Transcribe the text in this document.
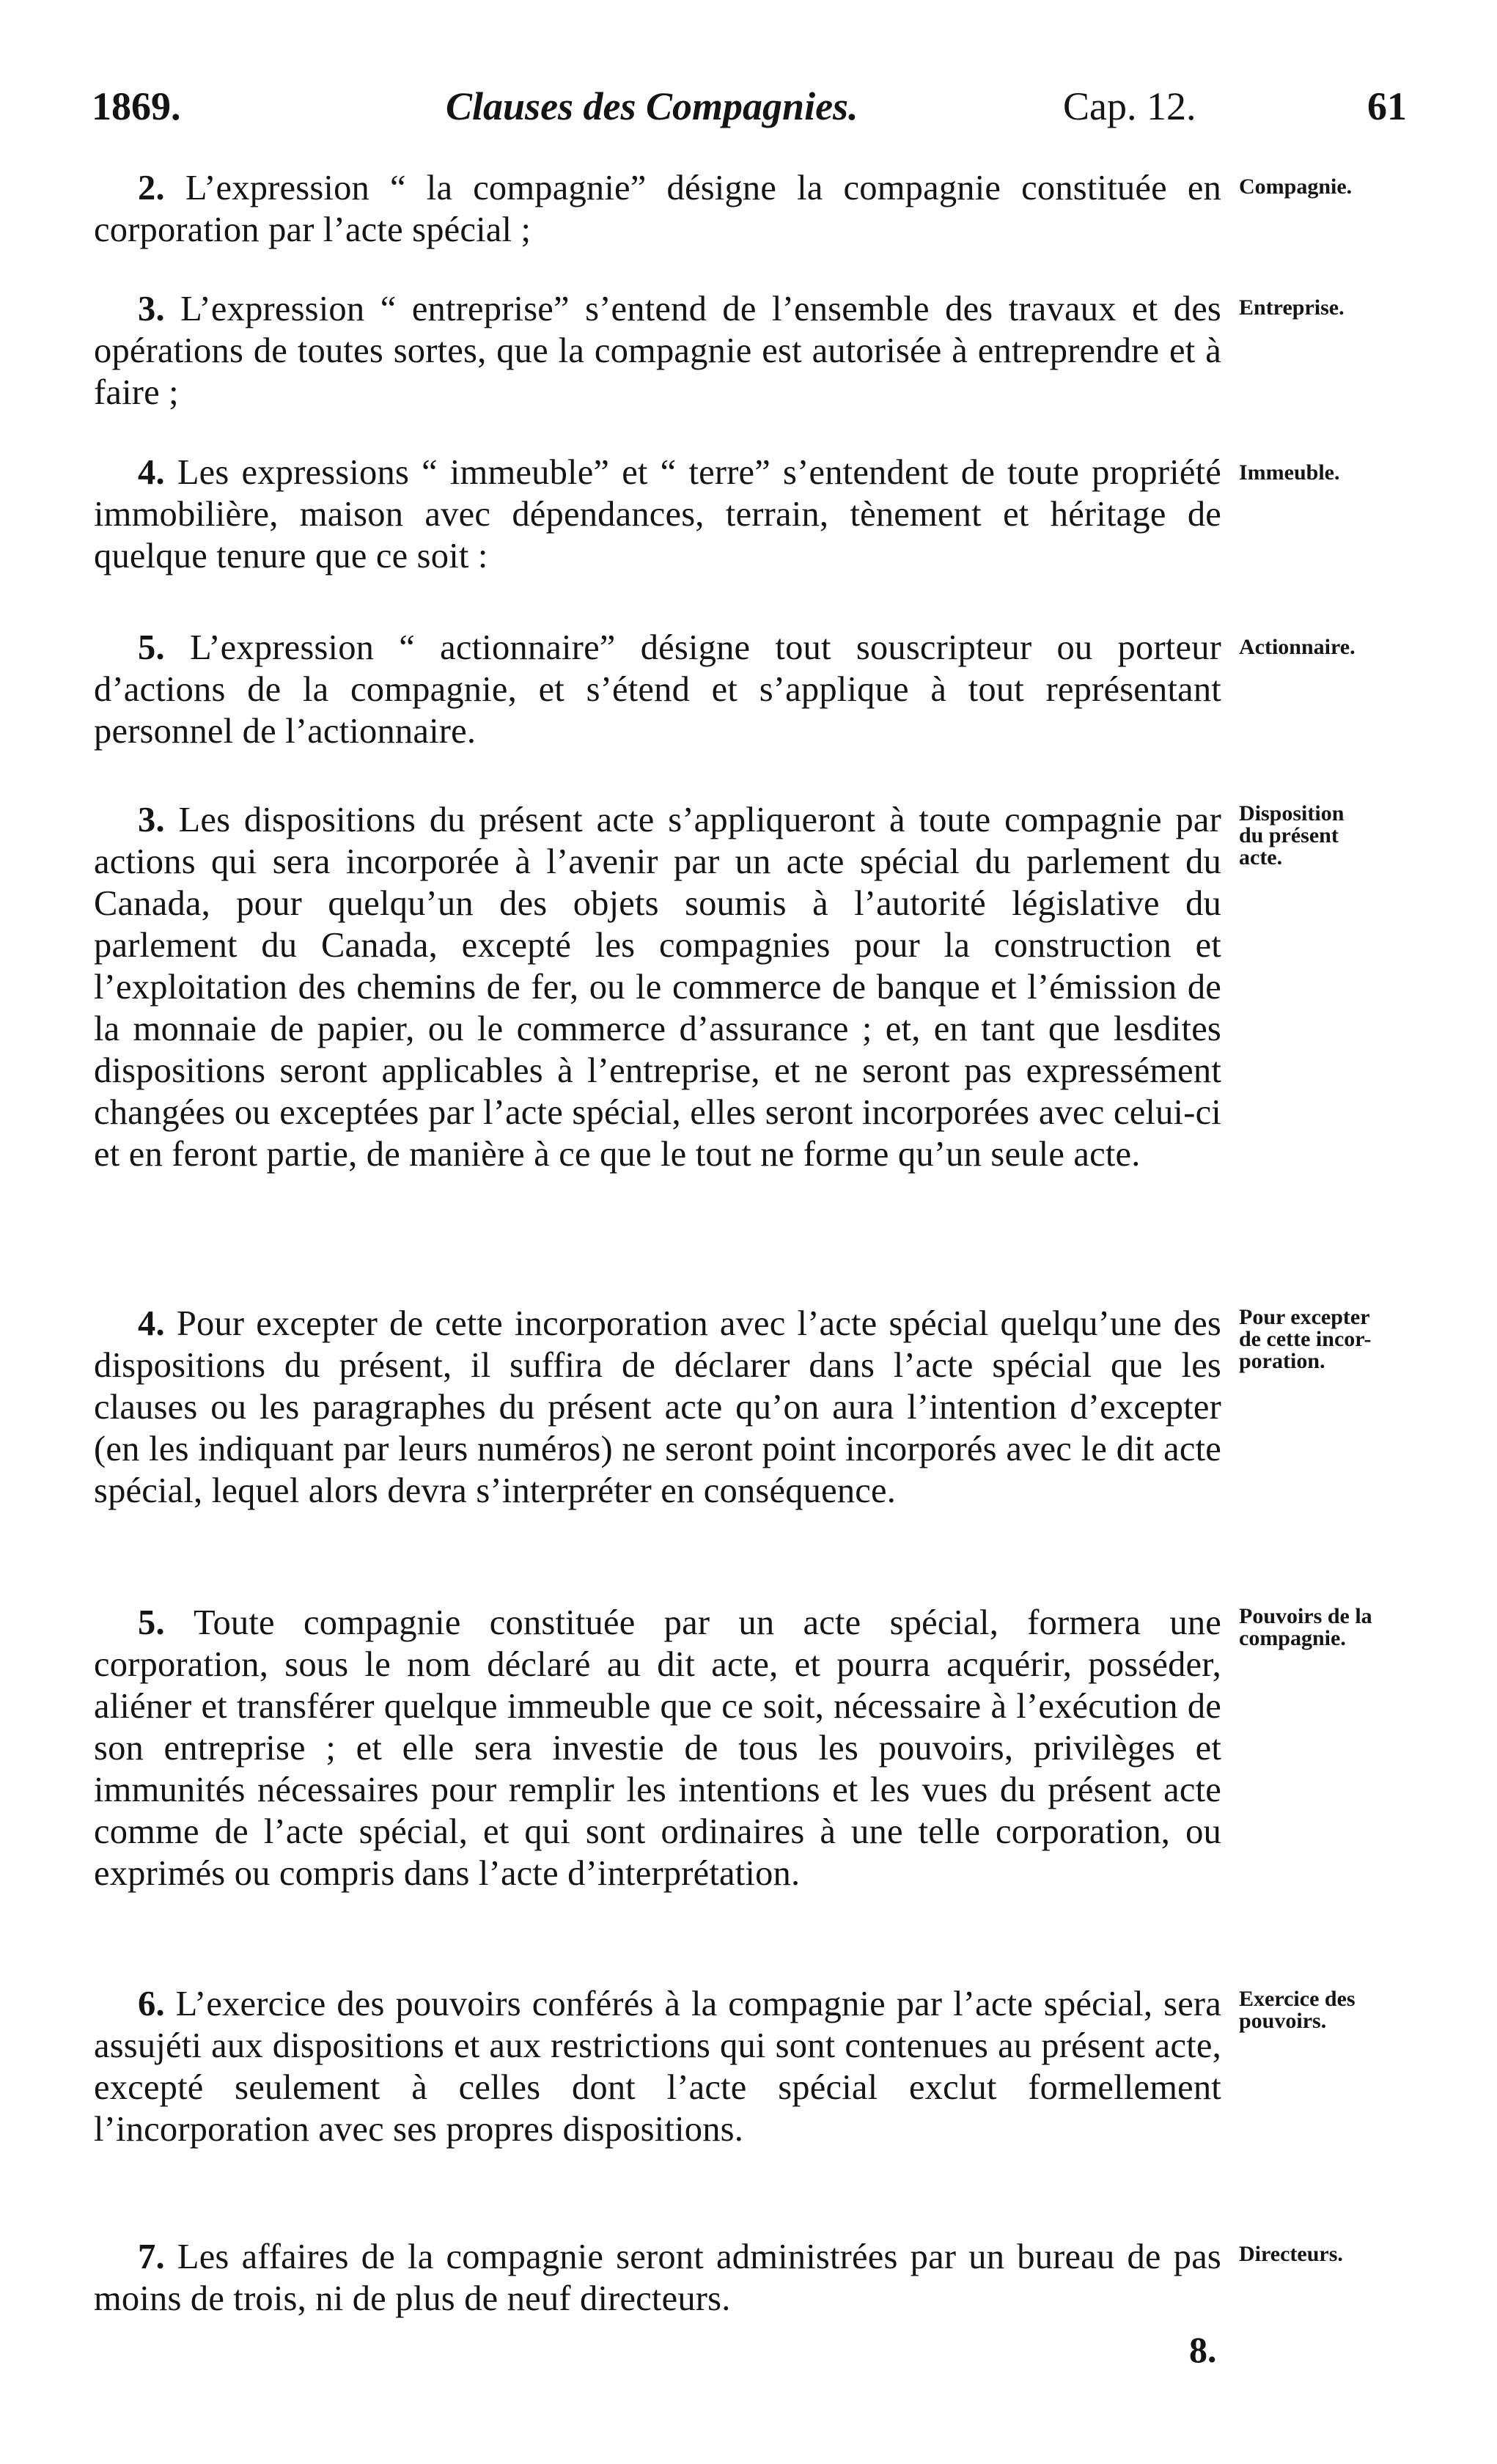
1869.	Clauses des Compagnies.	Cap. 12.	61
2. L’expression “ la compagnie” désigne la compagnie constituée en corporation par l’acte spécial ;
Compagnie.
3. L’expression “ entreprise” s’entend de l’ensemble des travaux et des opérations de toutes sortes, que la compagnie est autorisée à entreprendre et à faire ;
Entreprise.
4. Les expressions “ immeuble” et “ terre” s’entendent de toute propriété immobilière, maison avec dépendances, terrain, tènement et héritage de quelque tenure que ce soit :
Immeuble.
5. L’expression “ actionnaire” désigne tout souscripteur ou porteur d’actions de la compagnie, et s’étend et s’applique à tout représentant personnel de l’actionnaire.
Actionnaire.
3. Les dispositions du présent acte s’appliqueront à toute compagnie par actions qui sera incorporée à l’avenir par un acte spécial du parlement du Canada, pour quelqu’un des objets soumis à l’autorité législative du parlement du Canada, excepté les compagnies pour la construction et l’exploitation des chemins de fer, ou le commerce de banque et l’émission de la monnaie de papier, ou le commerce d’assurance ; et, en tant que lesdites dispositions seront applicables à l’entreprise, et ne seront pas expressément changées ou exceptées par l’acte spécial, elles seront incorporées avec celui-ci et en feront partie, de manière à ce que le tout ne forme qu’un seule acte.
Disposition
du présent
acte.
4. Pour excepter de cette incorporation avec l’acte spécial quelqu’une des dispositions du présent, il suffira de déclarer dans l’acte spécial que les clauses ou les paragraphes du présent acte qu’on aura l’intention d’excepter (en les indiquant par leurs numéros) ne seront point incorporés avec le dit acte spécial, lequel alors devra s’interpréter en conséquence.
Pour excepter
de cette incor-
poration.
5. Toute compagnie constituée par un acte spécial, formera une corporation, sous le nom déclaré au dit acte, et pourra acquérir, posséder, aliéner et transférer quelque immeuble que ce soit, nécessaire à l’exécution de son entreprise ; et elle sera investie de tous les pouvoirs, privilèges et immunités nécessaires pour remplir les intentions et les vues du présent acte comme de l’acte spécial, et qui sont ordinaires à une telle corporation, ou exprimés ou compris dans l’acte d’interprétation.
Pouvoirs de la
compagnie.
6. L’exercice des pouvoirs conférés à la compagnie par l’acte spécial, sera assujéti aux dispositions et aux restrictions qui sont contenues au présent acte, excepté seulement à celles dont l’acte spécial exclut formellement l’incorporation avec ses propres dispositions.
Exercice des
pouvoirs.
7. Les affaires de la compagnie seront administrées par un bureau de pas moins de trois, ni de plus de neuf directeurs.
Directeurs.
8.
